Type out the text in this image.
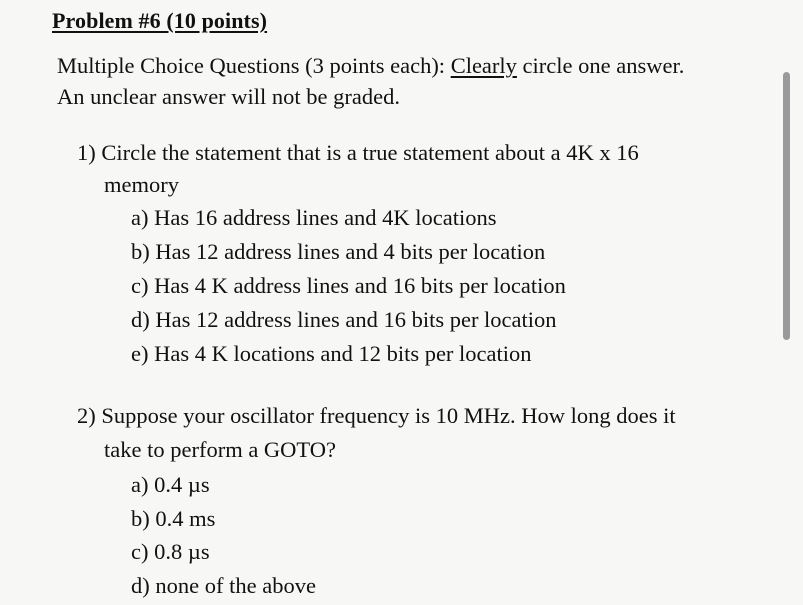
Problem #6 (10 points)
Multiple Choice Questions (3 points each): Clearly circle one answer.
An unclear answer will not be graded.
1) Circle the statement that is a true statement about a 4K x 16
memory
a) Has 16 address lines and 4K locations
b) Has 12 address lines and 4 bits per location
c) Has 4 K address lines and 16 bits per location
d) Has 12 address lines and 16 bits per location
e) Has 4 K locations and 12 bits per location
2) Suppose your oscillator frequency is 10 MHz. How long does it
take to perform a GOTO?
a) 0.4 µs
b) 0.4 ms
c) 0.8 µs
d) none of the above
